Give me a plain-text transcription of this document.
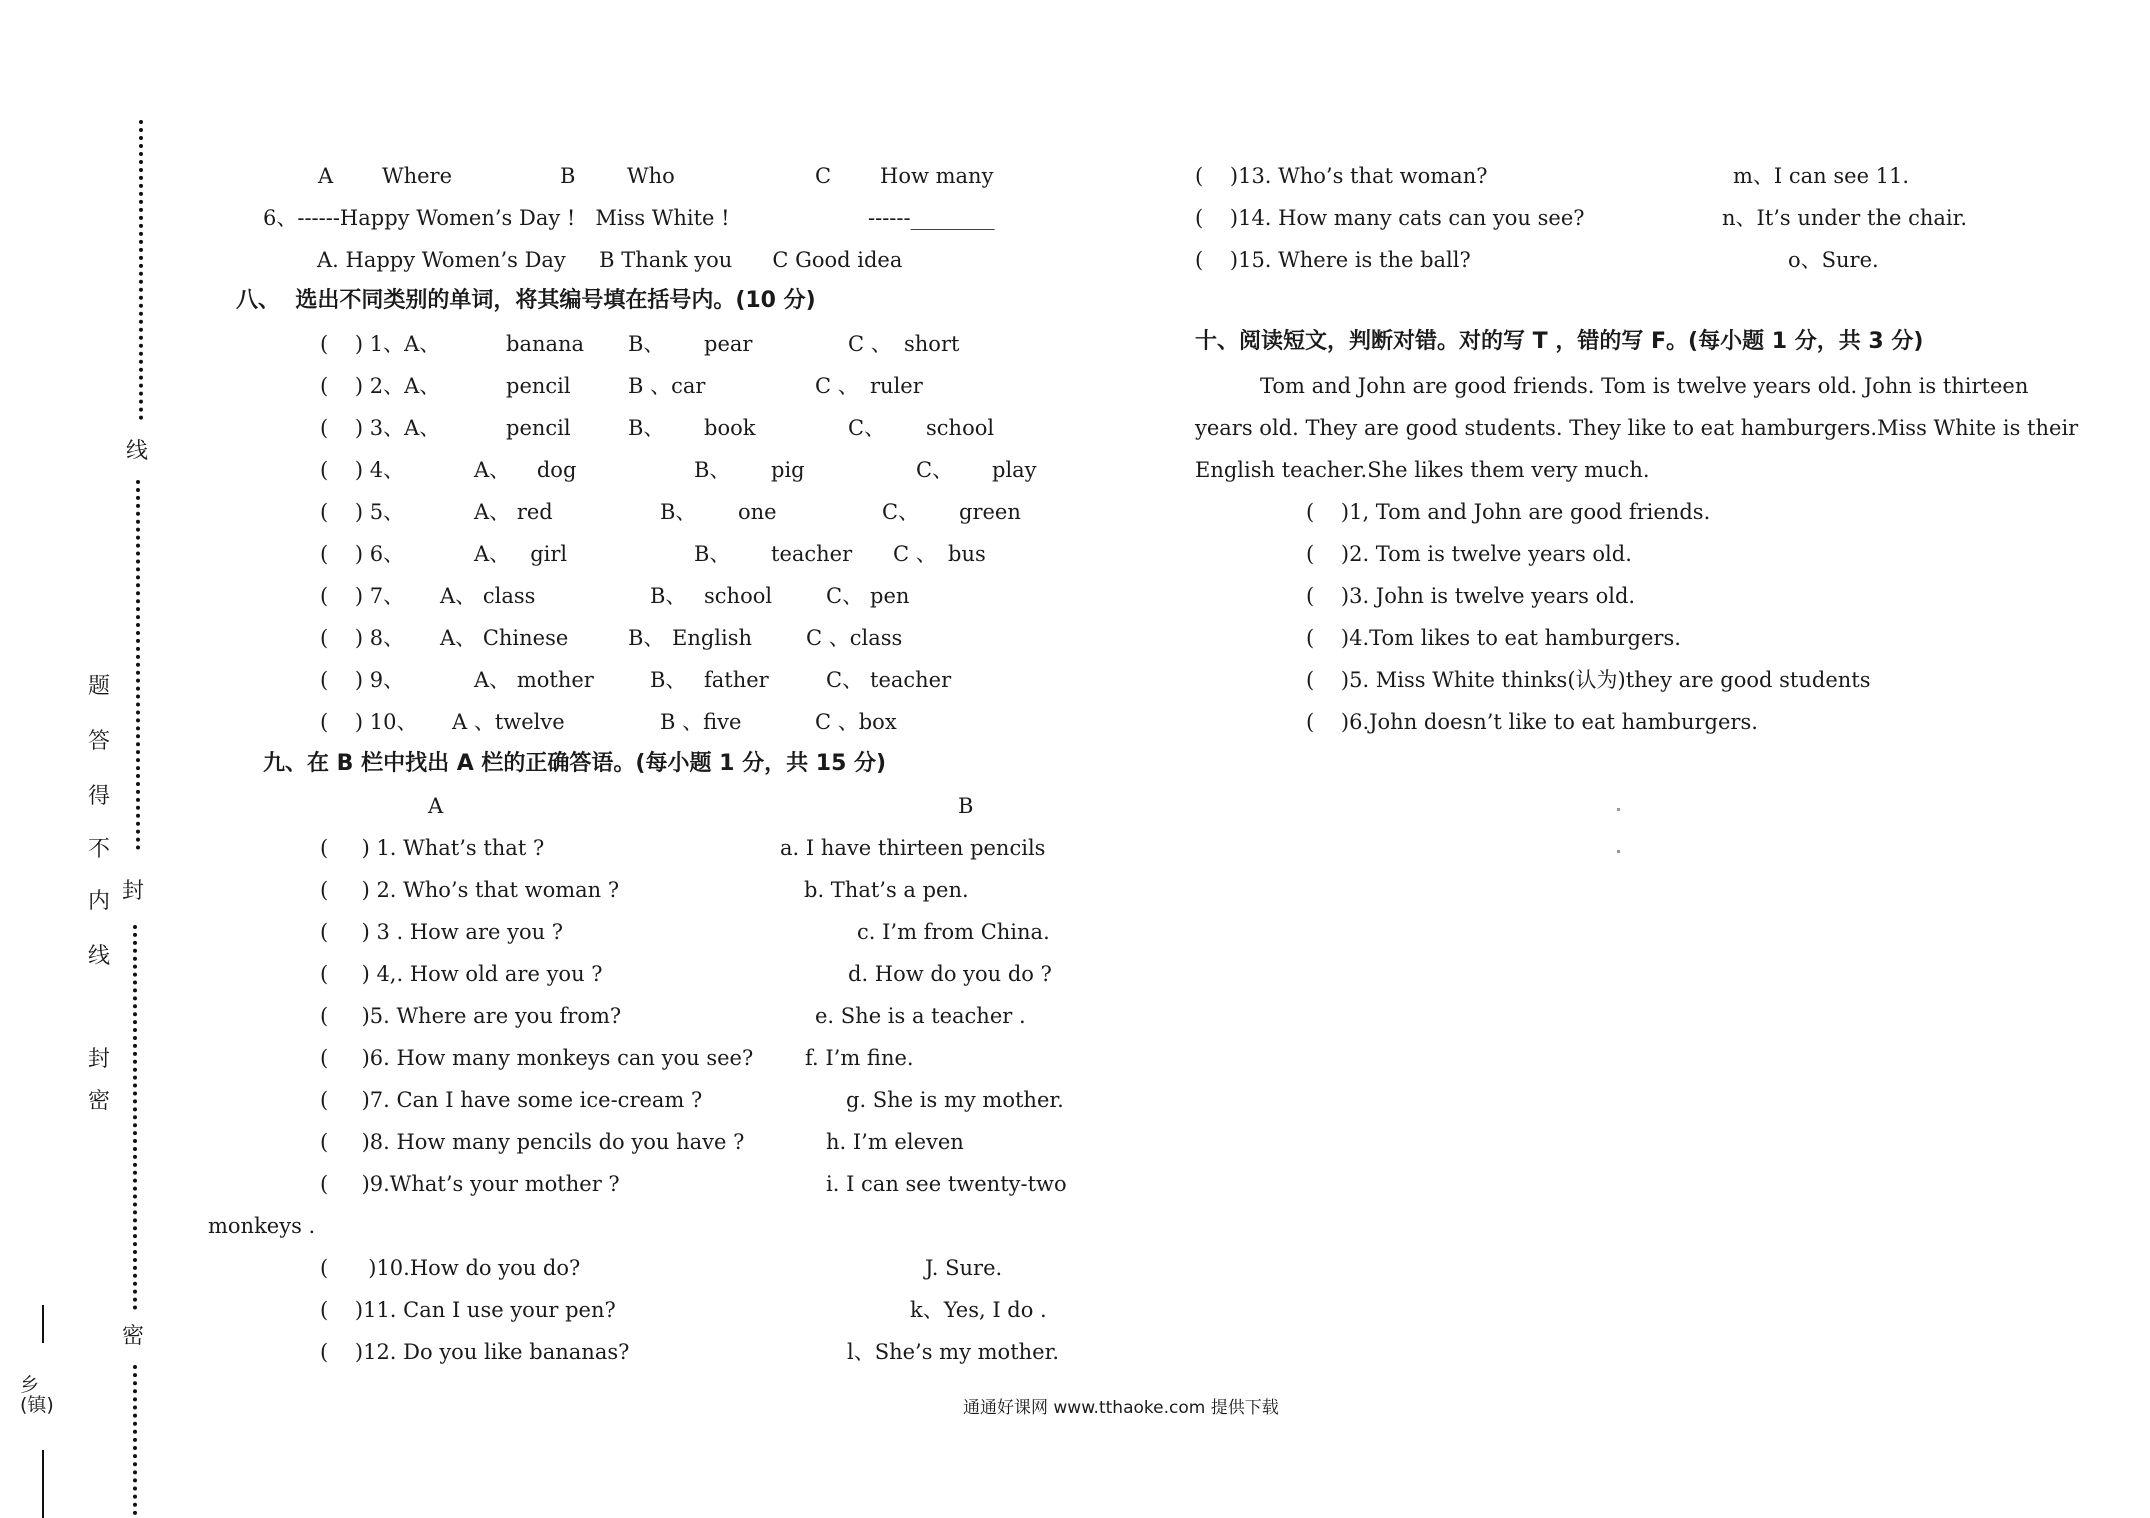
线
封
密
题
答
得
不
内
线
封
密
乡(镇)
A Where	B Who	C How many
6、------Happy Women’s Day !   Miss White !	------________
A. Happy Women’s Day     B Thank you      C Good idea
八、  选出不同类别的单词，将其编号填在括号内。(10 分)
(    ) 1、A、	banana B、 pear	C 、 short
(    ) 2、A、	pencil	B 、car	C 、 ruler
(    ) 3、A、	pencil	B、 book	C、 school
(    ) 4、	A、    dog	B、 pig	C、 play
(    ) 5、	A、 red	B、 one	C、 green
(    ) 6、	A、   girl	B、 teacher C 、 bus
(    ) 7、 A、 class	B、 school	C、 pen
(    ) 8、 A、 Chinese	B、 English	C 、class
(    ) 9、	A、 mother	B、 father	C、 teacher
(    ) 10、 A 、twelve	B 、five	C 、box
九、在 B 栏中找出 A 栏的正确答语。(每小题 1 分，共 15 分)
A	B
(     ) 1. What’s that ?	a. I have thirteen pencils
(     ) 2. Who’s that woman ?	b. That’s a pen.
(     ) 3 . How are you ?	c. I’m from China.
(     ) 4,. How old are you ?	d. How do you do ?
(     )5. Where are you from?	e. She is a teacher .
(     )6. How many monkeys can you see? f. I’m fine.
(     )7. Can I have some ice-cream ?	g. She is my mother.
(     )8. How many pencils do you have ?	h. I’m eleven
(     )9.What’s your mother ?	i. I can see twenty-two
monkeys .
(      )10.How do you do?	J. Sure.
(    )11. Can I use your pen?	k、Yes, I do .
(    )12. Do you like bananas?	l、She’s my mother.
(    )13. Who’s that woman?	m、I can see 11.
(    )14. How many cats can you see?	n、It’s under the chair.
(    )15. Where is the ball?	o、Sure.
十、阅读短文，判断对错。对的写 T ，错的写 F。(每小题 1 分，共 3 分)
Tom and John are good friends. Tom is twelve years old. John is thirteen
years old. They are good students. They like to eat hamburgers.Miss White is their
English teacher.She likes them very much.
(    )1, Tom and John are good friends.
(    )2. Tom is twelve years old.
(    )3. John is twelve years old.
(    )4.Tom likes to eat hamburgers.
(    )5. Miss White thinks(认为)they are good students
(    )6.John doesn’t like to eat hamburgers.
通通好课网 www.tthaoke.com 提供下载
